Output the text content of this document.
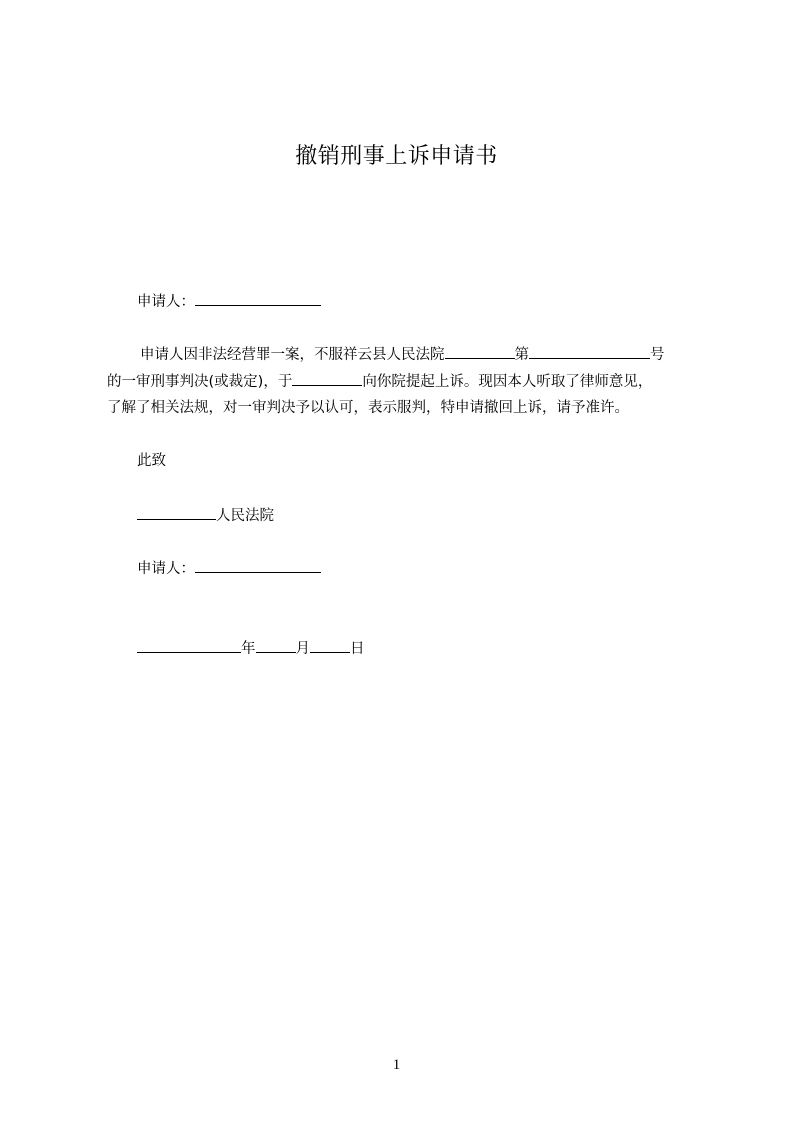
撤销刑事上诉申请书
申请人：
申请人因非法经营罪一案，不服祥云县人民法院	第	号
的一审刑事判决(或裁定)，于	向你院提起上诉。现因本人听取了律师意见，
了解了相关法规，对一审判决予以认可，表示服判，特申请撤回上诉，请予准许。
此致
人民法院
申请人：
年	月	日
1
